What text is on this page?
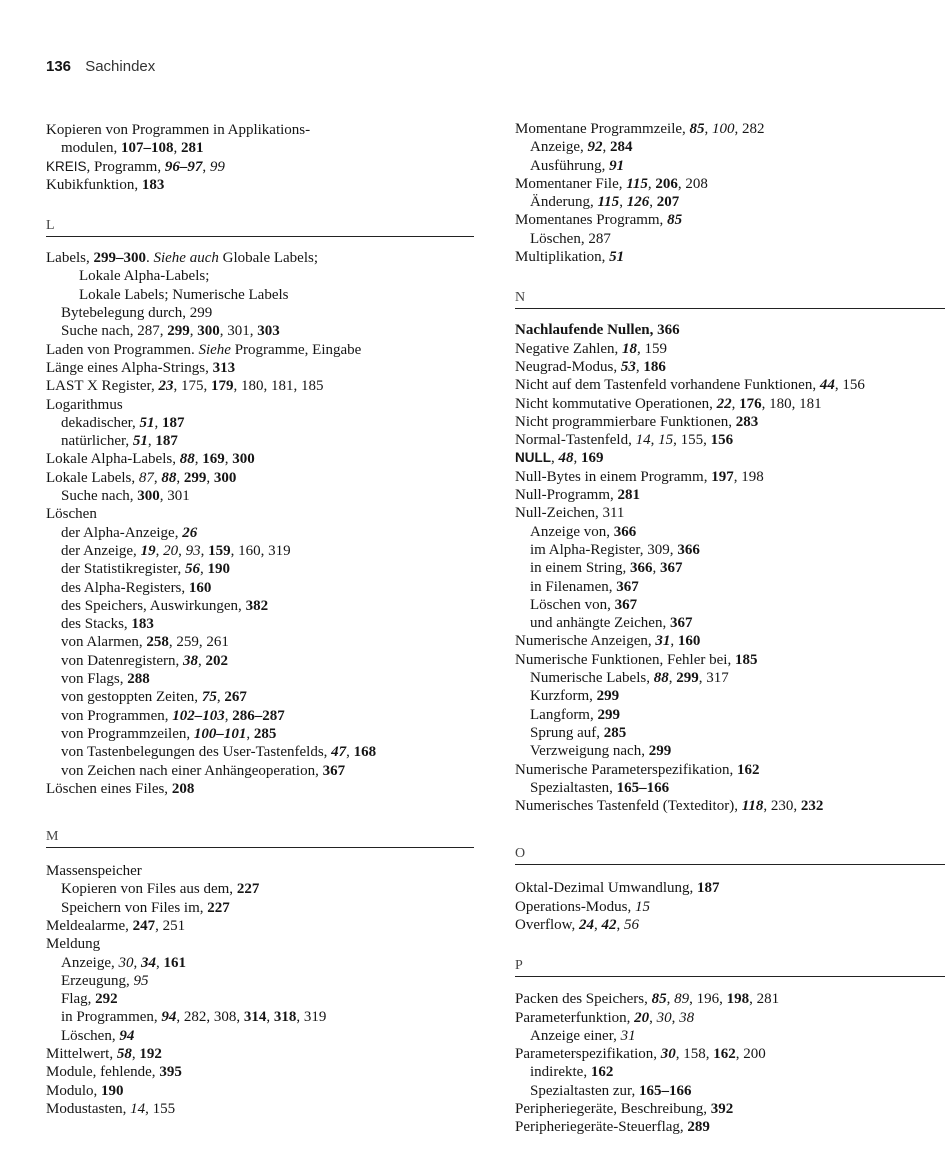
136 Sachindex
Kopieren von Programmen in Applikations-
modulen, 107–108, 281
KREIS, Programm, 96–97, 99
Kubikfunktion, 183
L
Labels, 299–300. Siehe auch Globale Labels;
Lokale Alpha-Labels;
Lokale Labels; Numerische Labels
Bytebelegung durch, 299
Suche nach, 287, 299, 300, 301, 303
Laden von Programmen. Siehe Programme, Eingabe
Länge eines Alpha-Strings, 313
LAST X Register, 23, 175, 179, 180, 181, 185
Logarithmus
dekadischer, 51, 187
natürlicher, 51, 187
Lokale Alpha-Labels, 88, 169, 300
Lokale Labels, 87, 88, 299, 300
Suche nach, 300, 301
Löschen
der Alpha-Anzeige, 26
der Anzeige, 19, 20, 93, 159, 160, 319
der Statistikregister, 56, 190
des Alpha-Registers, 160
des Speichers, Auswirkungen, 382
des Stacks, 183
von Alarmen, 258, 259, 261
von Datenregistern, 38, 202
von Flags, 288
von gestoppten Zeiten, 75, 267
von Programmen, 102–103, 286–287
von Programmzeilen, 100–101, 285
von Tastenbelegungen des User-Tastenfelds, 47, 168
von Zeichen nach einer Anhängeoperation, 367
Löschen eines Files, 208
M
Massenspeicher
Kopieren von Files aus dem, 227
Speichern von Files im, 227
Meldealarme, 247, 251
Meldung
Anzeige, 30, 34, 161
Erzeugung, 95
Flag, 292
in Programmen, 94, 282, 308, 314, 318, 319
Löschen, 94
Mittelwert, 58, 192
Module, fehlende, 395
Modulo, 190
Modustasten, 14, 155
Momentane Programmzeile, 85, 100, 282
Anzeige, 92, 284
Ausführung, 91
Momentaner File, 115, 206, 208
Änderung, 115, 126, 207
Momentanes Programm, 85
Löschen, 287
Multiplikation, 51
N
Nachlaufende Nullen, 366
Negative Zahlen, 18, 159
Neugrad-Modus, 53, 186
Nicht auf dem Tastenfeld vorhandene Funktionen, 44, 156
Nicht kommutative Operationen, 22, 176, 180, 181
Nicht programmierbare Funktionen, 283
Normal-Tastenfeld, 14, 15, 155, 156
NULL, 48, 169
Null-Bytes in einem Programm, 197, 198
Null-Programm, 281
Null-Zeichen, 311
Anzeige von, 366
im Alpha-Register, 309, 366
in einem String, 366, 367
in Filenamen, 367
Löschen von, 367
und anhängte Zeichen, 367
Numerische Anzeigen, 31, 160
Numerische Funktionen, Fehler bei, 185
Numerische Labels, 88, 299, 317
Kurzform, 299
Langform, 299
Sprung auf, 285
Verzweigung nach, 299
Numerische Parameterspezifikation, 162
Spezialtasten, 165–166
Numerisches Tastenfeld (Texteditor), 118, 230, 232
O
Oktal-Dezimal Umwandlung, 187
Operations-Modus, 15
Overflow, 24, 42, 56
P
Packen des Speichers, 85, 89, 196, 198, 281
Parameterfunktion, 20, 30, 38
Anzeige einer, 31
Parameterspezifikation, 30, 158, 162, 200
indirekte, 162
Spezialtasten zur, 165–166
Peripheriegeräte, Beschreibung, 392
Peripheriegeräte-Steuerflag, 289
